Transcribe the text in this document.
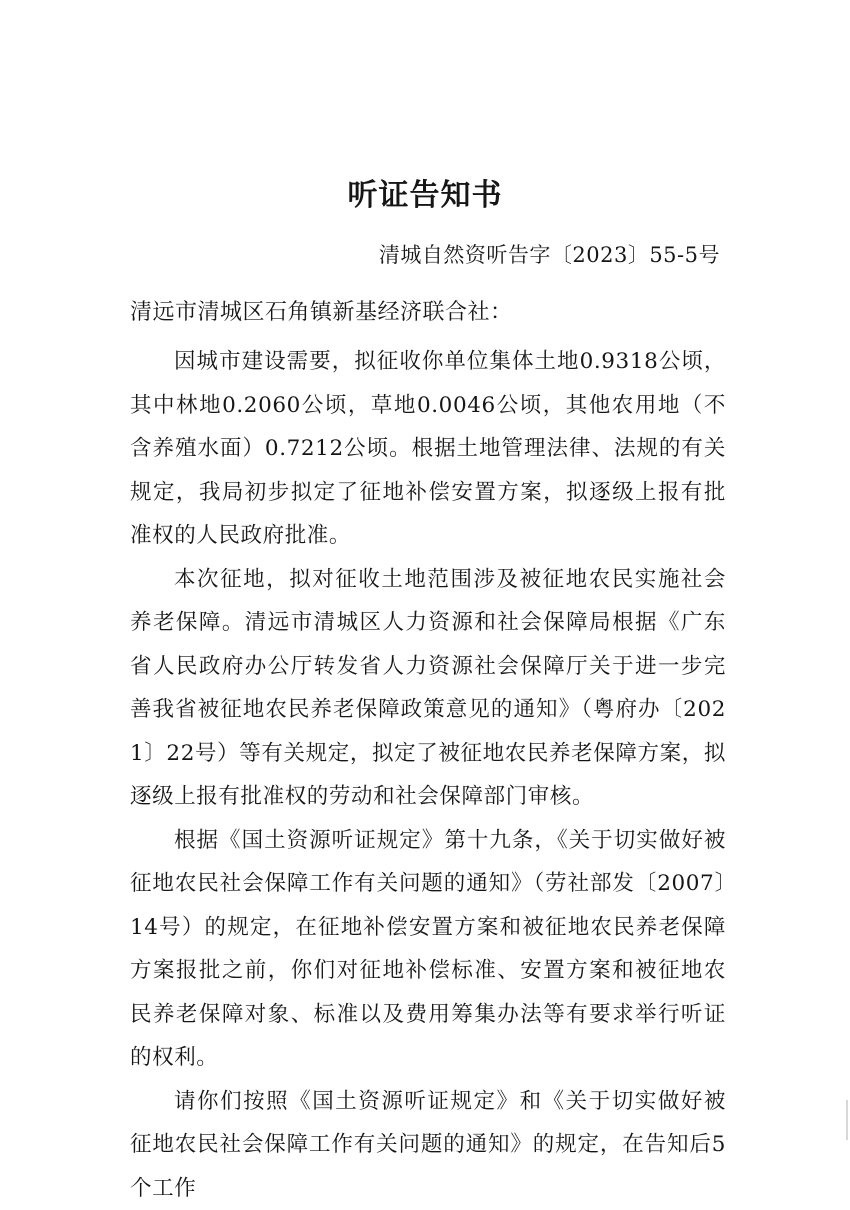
听证告知书
清城自然资听告字〔2023〕55-5号
清远市清城区石角镇新基经济联合社：

因城市建设需要，拟征收你单位集体土地0.9318公顷，其中林地0.2060公顷，草地0.0046公顷，其他农用地（不含养殖水面）0.7212公顷。根据土地管理法律、法规的有关规定，我局初步拟定了征地补偿安置方案，拟逐级上报有批准权的人民政府批准。

本次征地，拟对征收土地范围涉及被征地农民实施社会养老保障。清远市清城区人力资源和社会保障局根据《广东省人民政府办公厅转发省人力资源社会保障厅关于进一步完善我省被征地农民养老保障政策意见的通知》（粤府办〔2021〕22号）等有关规定，拟定了被征地农民养老保障方案，拟逐级上报有批准权的劳动和社会保障部门审核。

根据《国土资源听证规定》第十九条，《关于切实做好被征地农民社会保障工作有关问题的通知》（劳社部发〔2007〕14号）的规定，在征地补偿安置方案和被征地农民养老保障方案报批之前，你们对征地补偿标准、安置方案和被征地农民养老保障对象、标准以及费用筹集办法等有要求举行听证的权利。

请你们按照《国土资源听证规定》和《关于切实做好被征地农民社会保障工作有关问题的通知》的规定，在告知后5个工作
